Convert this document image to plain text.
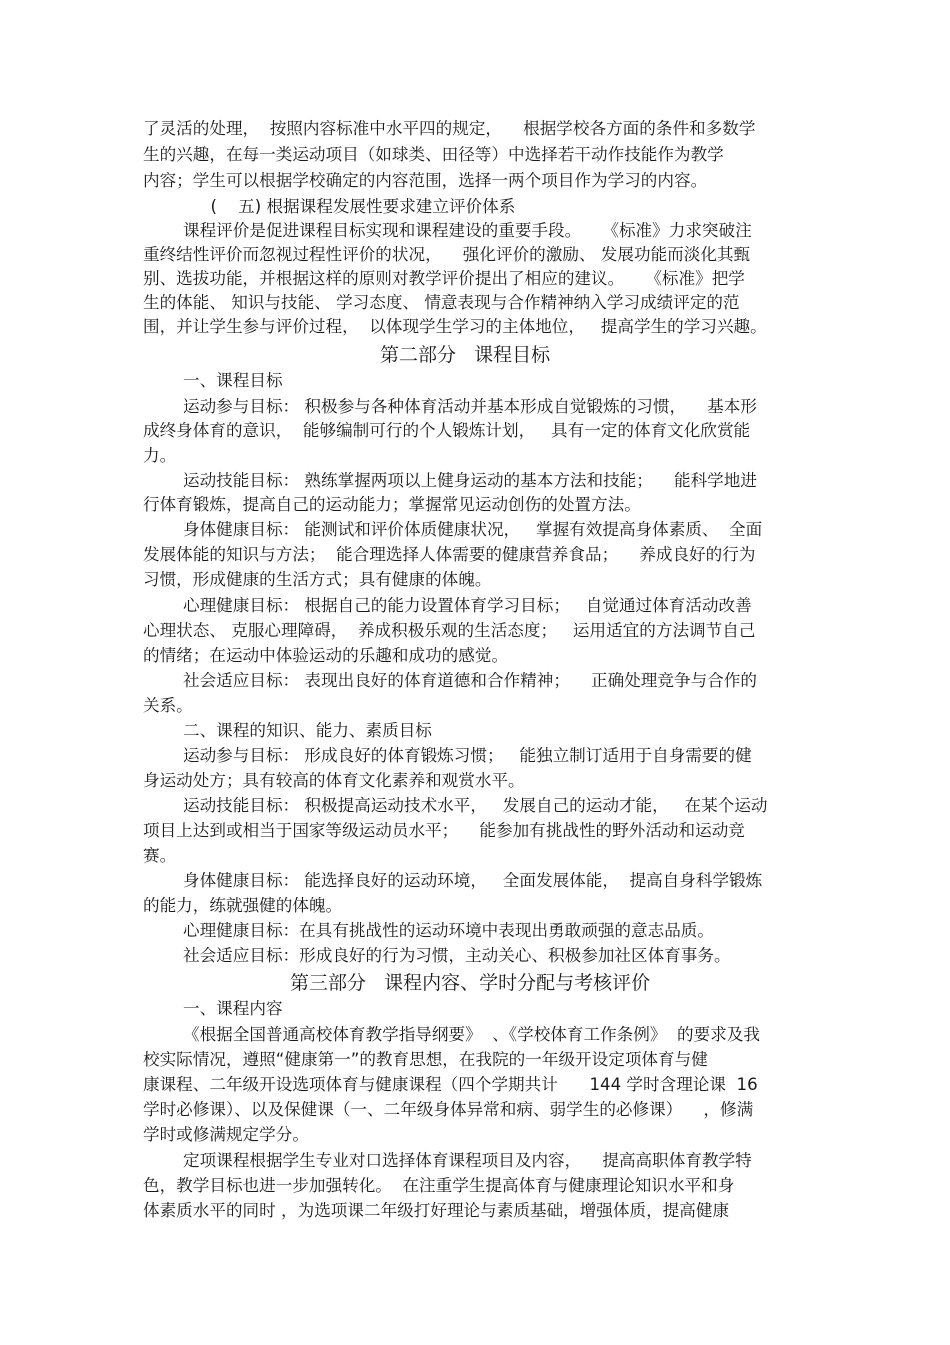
了灵活的处理，  按照内容标准中水平四的规定，    根据学校各方面的条件和多数学
生的兴趣，在每一类运动项目（如球类、田径等）中选择若干动作技能作为教学
内容；学生可以根据学校确定的内容范围，选择一两个项目作为学习的内容。
(    五) 根据课程发展性要求建立评价体系
课程评价是促进课程目标实现和课程建设的重要手段。    《标准》力求突破注
重终结性评价而忽视过程性评价的状况，    强化评价的激励、 发展功能而淡化其甄
别、选拔功能，并根据这样的原则对教学评价提出了相应的建议。    《标准》把学
生的体能、 知识与技能、 学习态度、 情意表现与合作精神纳入学习成绩评定的范
围，并让学生参与评价过程，  以体现学生学习的主体地位，   提高学生的学习兴趣。
第二部分   课程目标
一、课程目标
运动参与目标： 积极参与各种体育活动并基本形成自觉锻炼的习惯，    基本形
成终身体育的意识，  能够编制可行的个人锻炼计划，   具有一定的体育文化欣赏能
力。
运动技能目标： 熟练掌握两项以上健身运动的基本方法和技能；    能科学地进
行体育锻炼，提高自己的运动能力；掌握常见运动创伤的处置方法。
身体健康目标： 能测试和评价体质健康状况，   掌握有效提高身体素质、  全面
发展体能的知识与方法；  能合理选择人体需要的健康营养食品；    养成良好的行为
习惯，形成健康的生活方式；具有健康的体魄。
心理健康目标： 根据自己的能力设置体育学习目标；   自觉通过体育活动改善
心理状态、 克服心理障碍，  养成积极乐观的生活态度；   运用适宜的方法调节自己
的情绪；在运动中体验运动的乐趣和成功的感觉。
社会适应目标： 表现出良好的体育道德和合作精神；    正确处理竞争与合作的
关系。
二、课程的知识、能力、素质目标
运动参与目标： 形成良好的体育锻炼习惯；   能独立制订适用于自身需要的健
身运动处方；具有较高的体育文化素养和观赏水平。
运动技能目标： 积极提高运动技术水平，   发展自己的运动才能，   在某个运动
项目上达到或相当于国家等级运动员水平；    能参加有挑战性的野外活动和运动竞
赛。
身体健康目标： 能选择良好的运动环境，   全面发展体能，  提高自身科学锻炼
的能力，练就强健的体魄。
心理健康目标：在具有挑战性的运动环境中表现出勇敢顽强的意志品质。
社会适应目标：形成良好的行为习惯，主动关心、积极参加社区体育事务。
第三部分   课程内容、学时分配与考核评价
一、课程内容
《根据全国普通高校体育教学指导纲要》  、《学校体育工作条例》  的要求及我
校实际情况，遵照“健康第一”的教育思想，在我院的一年级开设定项体育与健
康课程、二年级开设选项体育与健康课程（四个学期共计      144 学时含理论课  16
学时必修课）、以及保健课（一、二年级身体异常和病、弱学生的必修课）    ，修满
学时或修满规定学分。
定项课程根据学生专业对口选择体育课程项目及内容，    提高高职体育教学特
色，教学目标也进一步加强转化。  在注重学生提高体育与健康理论知识水平和身
体素质水平的同时 ，为选项课二年级打好理论与素质基础，增强体质，提高健康
